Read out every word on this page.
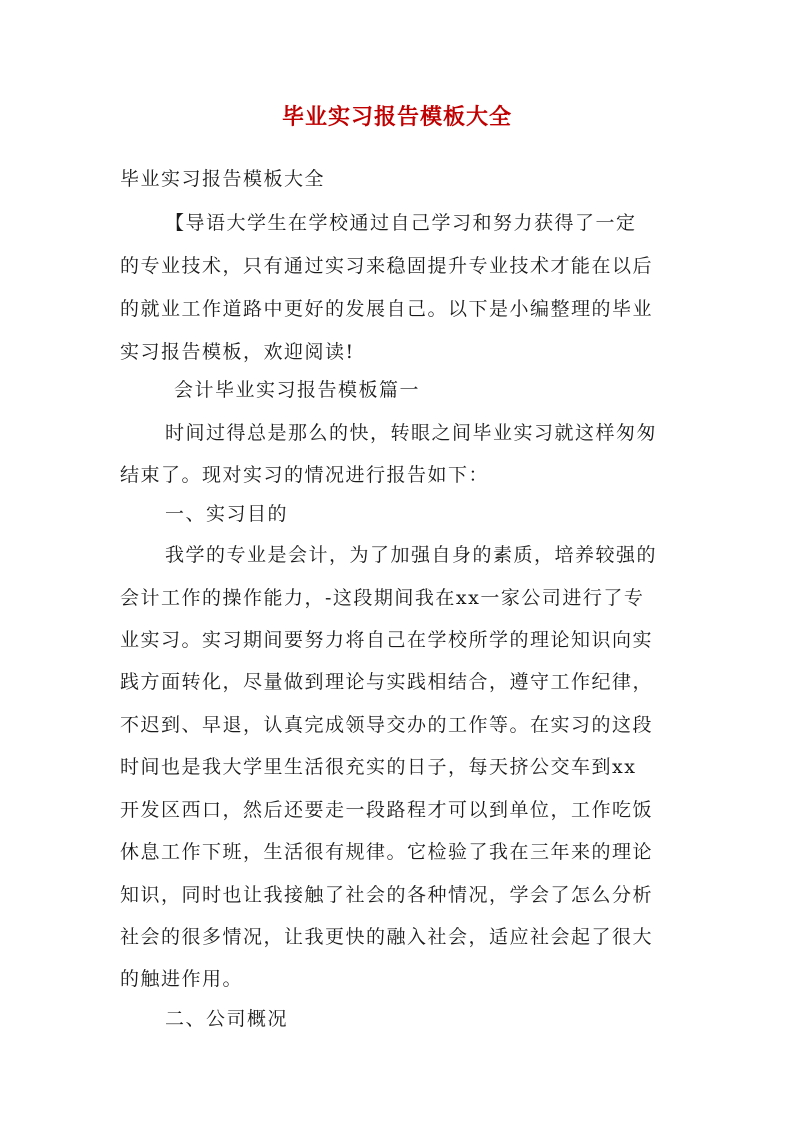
毕业实习报告模板大全
毕业实习报告模板大全
【导语大学生在学校通过自己学习和努力获得了一定
的专业技术，只有通过实习来稳固提升专业技术才能在以后
的就业工作道路中更好的发展自己。以下是小编整理的毕业
实习报告模板，欢迎阅读!
会计毕业实习报告模板篇一
时间过得总是那么的快，转眼之间毕业实习就这样匆匆
结束了。现对实习的情况进行报告如下：
一、实习目的
我学的专业是会计，为了加强自身的素质，培养较强的
会计工作的操作能力，-这段期间我在xx一家公司进行了专
业实习。实习期间要努力将自己在学校所学的理论知识向实
践方面转化，尽量做到理论与实践相结合，遵守工作纪律，
不迟到、早退，认真完成领导交办的工作等。在实习的这段
时间也是我大学里生活很充实的日子，每天挤公交车到xx
开发区西口，然后还要走一段路程才可以到单位，工作吃饭
休息工作下班，生活很有规律。它检验了我在三年来的理论
知识，同时也让我接触了社会的各种情况，学会了怎么分析
社会的很多情况，让我更快的融入社会，适应社会起了很大
的触进作用。
二、公司概况
